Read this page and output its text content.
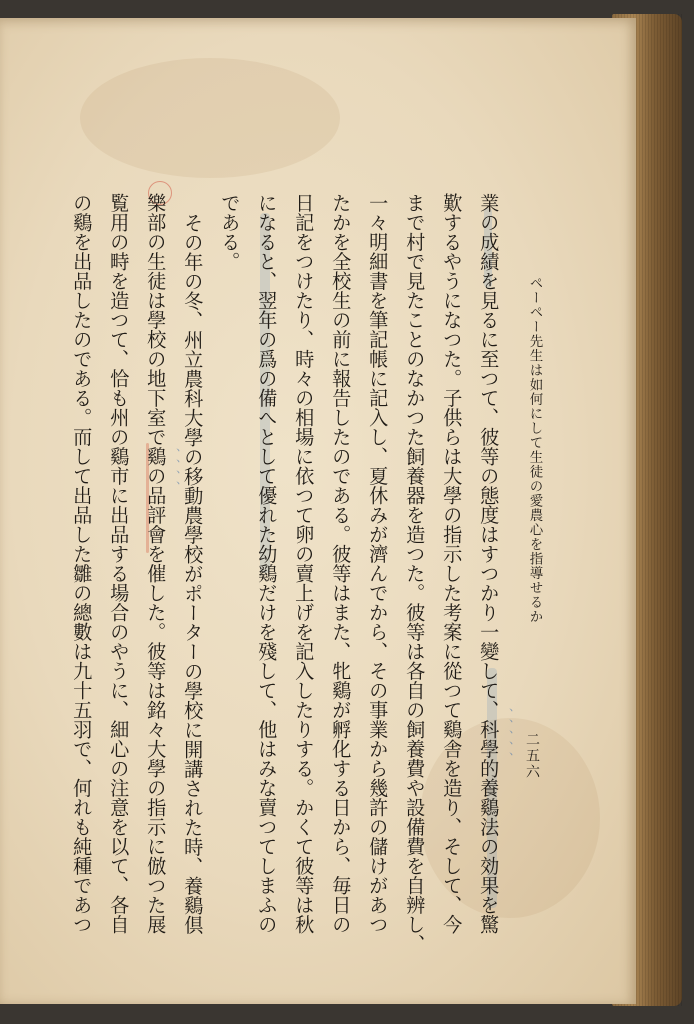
ペーペー先生は如何にして生徒の愛農心を指導せるか
二五六
業の成績を見るに至つて、彼等の態度はすつかり一變して、科學的養鷄法の効果を驚
歎するやうになつた。子供らは大學の指示した考案に從つて鷄舎を造り、そして、今
まで村で見たことのなかつた飼養器を造つた。彼等は各自の飼養費や設備費を自辨し、
一々明細書を筆記帳に記入し、夏休みが濟んでから、その事業から幾許の儲けがあつ
たかを全校生の前に報告したのである。彼等はまた、牝鷄が孵化する日から、毎日の
日記をつけたり、時々の相場に依つて卵の賣上げを記入したりする。かくて彼等は秋
になると、翌年の爲の備へとして優れた幼鷄だけを殘して、他はみな賣つてしまふの
である。
その年の冬、州立農科大學の移動農學校がポーターの學校に開講された時、養鷄倶
樂部の生徒は學校の地下室で鷄の品評會を催した。彼等は銘々大學の指示に倣つた展
覧用の畤を造つて、恰も州の鷄市に出品する場合のやうに、細心の注意を以て、各自
の鷄を出品したのである。而して出品した雛の總數は九十五羽で、何れも純種であつ	、、、、、
、、、、
